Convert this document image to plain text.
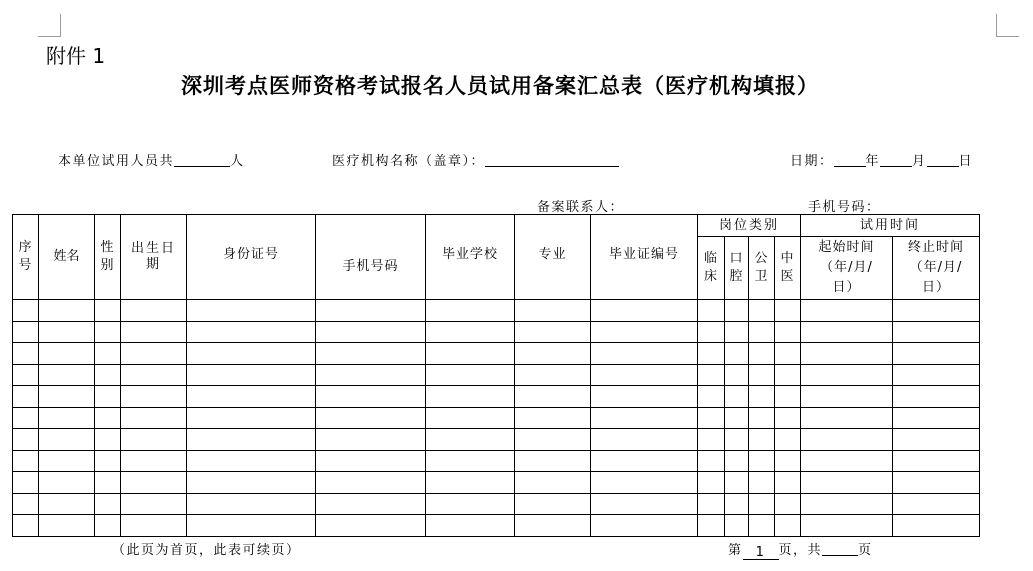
附件 1
深圳考点医师资格考试报名人员试用备案汇总表（医疗机构填报）
本单位试用人员共	人	医疗机构名称（盖章）：	日期： 年 月 日
备案联系人：	手机号码：
序号	姓名	性别	出生日期	身份证号	手机号码	毕业学校	专业	毕业证编号	岗位类别				试用时间	
									临床	口腔	公卫	中医	起始时间（年/月/日）	终止时间（年/月/日）

（此页为首页，此表可续页）	第 1 页，共	页
